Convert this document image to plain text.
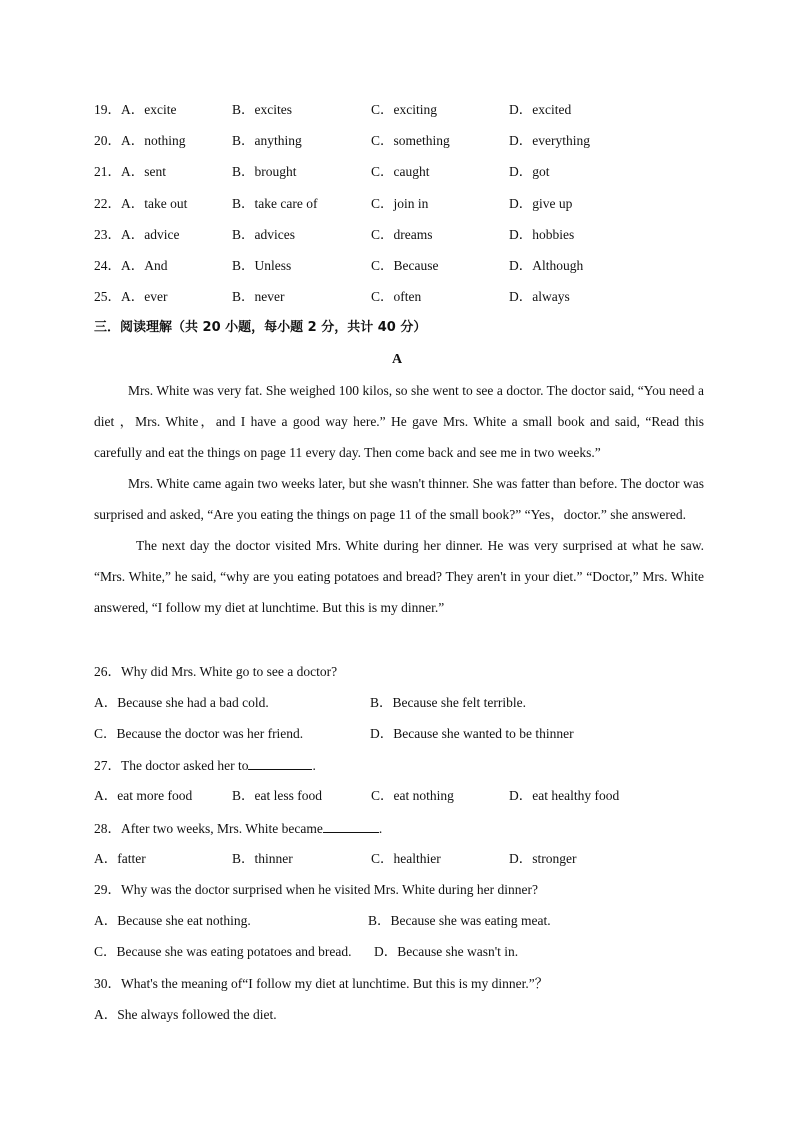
19．A．excite	B．excites	C．exciting	D．excited
20．A．nothing	B．anything	C．something	D．everything
21．A．sent	B．brought	C．caught	D．got
22．A．take out	B．take care of	C．join in	D．give up
23．A．advice	B．advices	C．dreams	D．hobbies
24．A．And	B．Unless	C．Because	D．Although
25．A．ever	B．never	C．often	D．always
三．阅读理解（共 20 小题，每小题 2 分，共计 40 分）
A

Mrs. White was very fat. She weighed 100 kilos, so she went to see a doctor. The doctor said, “You need a diet ，Mrs. White，and I have a good way here.” He gave Mrs. White a small book and said, “Read this carefully and eat the things on page 11 every day. Then come back and see me in two weeks.”

Mrs. White came again two weeks later, but she wasn't thinner. She was fatter than before. The doctor was surprised and asked, “Are you eating the things on page 11 of the small book?” “Yes，doctor.” she answered.

The next day the doctor visited Mrs. White during her dinner. He was very surprised at what he saw. “Mrs. White,” he said, “why are you eating potatoes and bread? They aren't in your diet.” “Doctor,” Mrs. White answered, “I follow my diet at lunchtime. But this is my dinner.”

26．Why did Mrs. White go to see a doctor?
A．Because she had a bad cold.	B．Because she felt terrible.
C．Because the doctor was her friend.	D．Because she wanted to be thinner
27．The doctor asked her to	.
A．eat more food	B．eat less food	C．eat nothing	D．eat healthy food
28．After two weeks, Mrs. White became	.
A．fatter	B．thinner	C．healthier	D．stronger
29．Why was the doctor surprised when he visited Mrs. White during her dinner?
A．Because she eat nothing.	B．Because she was eating meat.
C．Because she was eating potatoes and bread. D．Because she wasn't in.
30．What's the meaning of“I follow my diet at lunchtime. But this is my dinner.”？
A．She always followed the diet.
